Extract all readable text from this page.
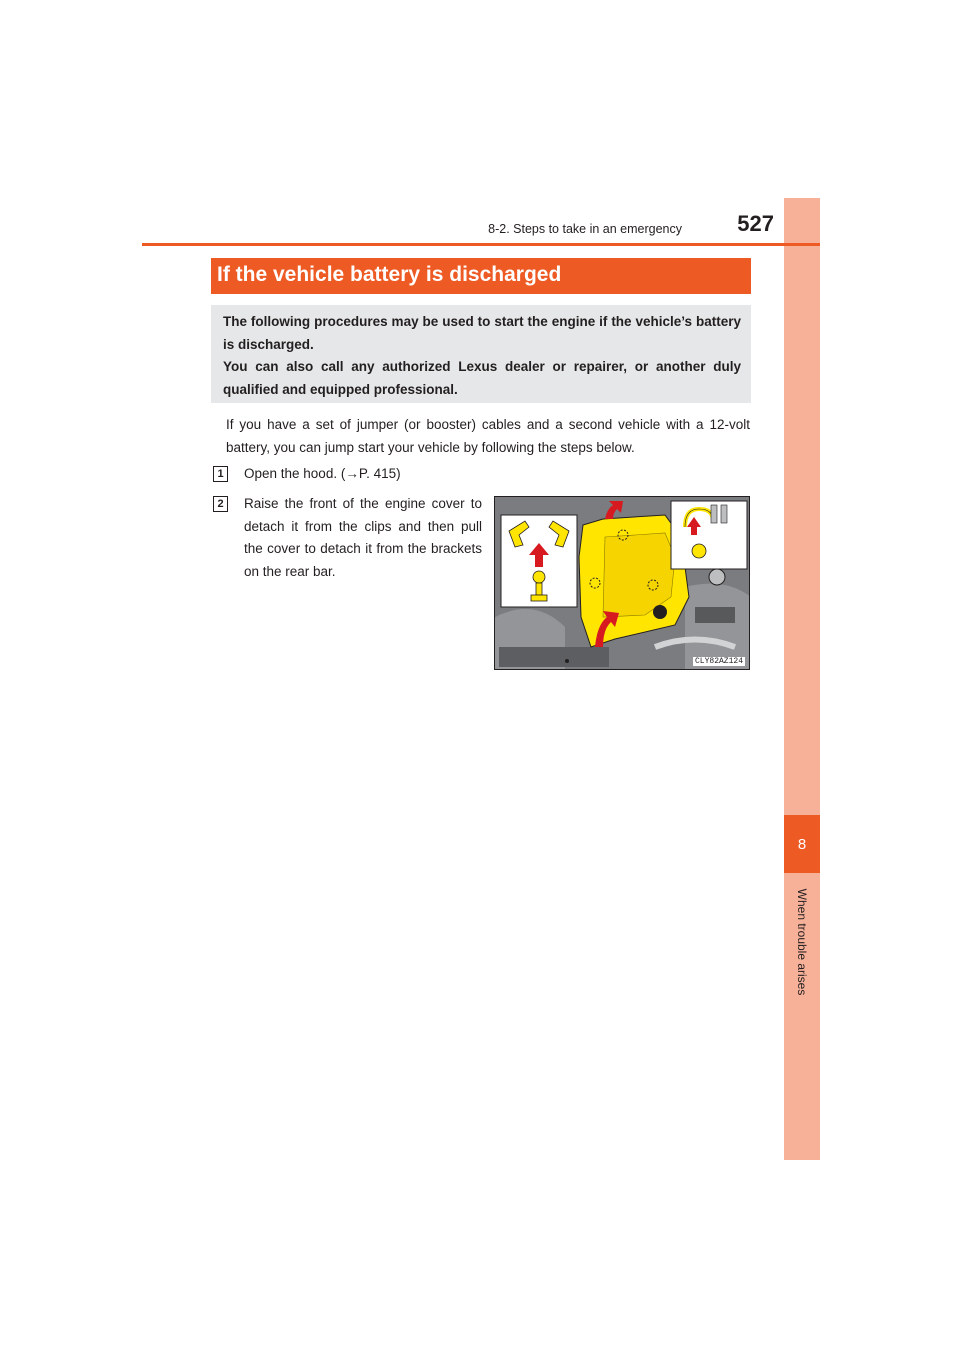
8
When trouble arises
8-2. Steps to take in an emergency	527
If the vehicle battery is discharged

The following procedures may be used to start the engine if the vehicle’s battery is discharged.

You can also call any authorized Lexus dealer or repairer, or another duly qualified and equipped professional.

If you have a set of jumper (or booster) cables and a second vehicle with a 12-volt battery, you can jump start your vehicle by following the steps below.
1	Open the hood. (→P. 415)
2	Raise the front of the engine cover to detach it from the clips and then pull the cover to detach it from the brackets on the rear bar.
CLY82AZ124
